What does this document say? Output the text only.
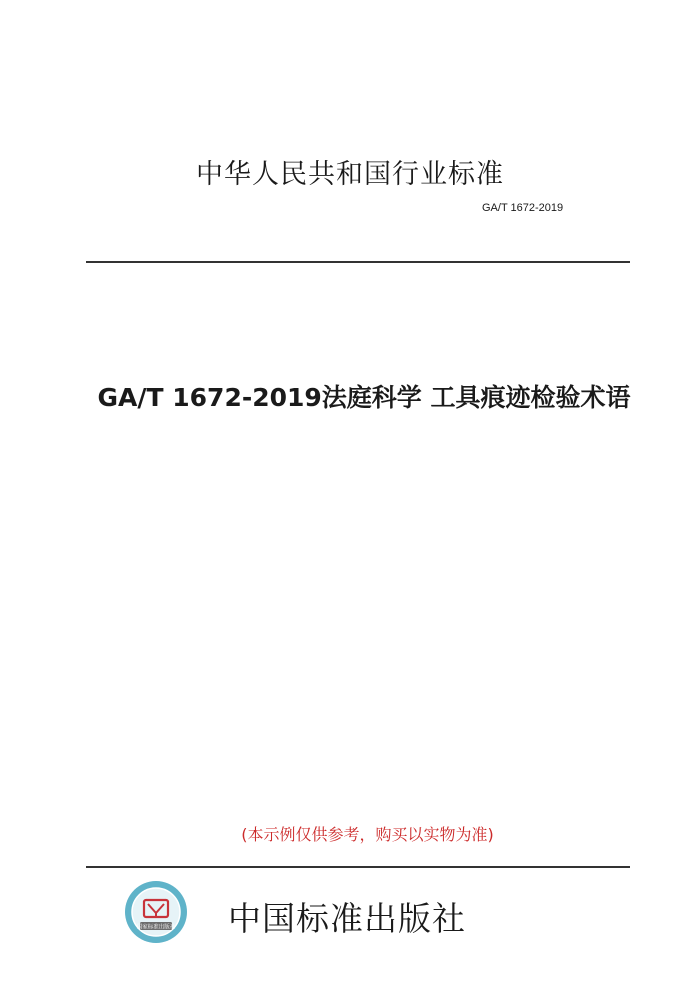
中华人民共和国行业标准
GA/T 1672-2019
GA/T 1672-2019法庭科学 工具痕迹检验术语
(本示例仅供参考，购买以实物为准)
国家标准出版社 中国标准出版社
